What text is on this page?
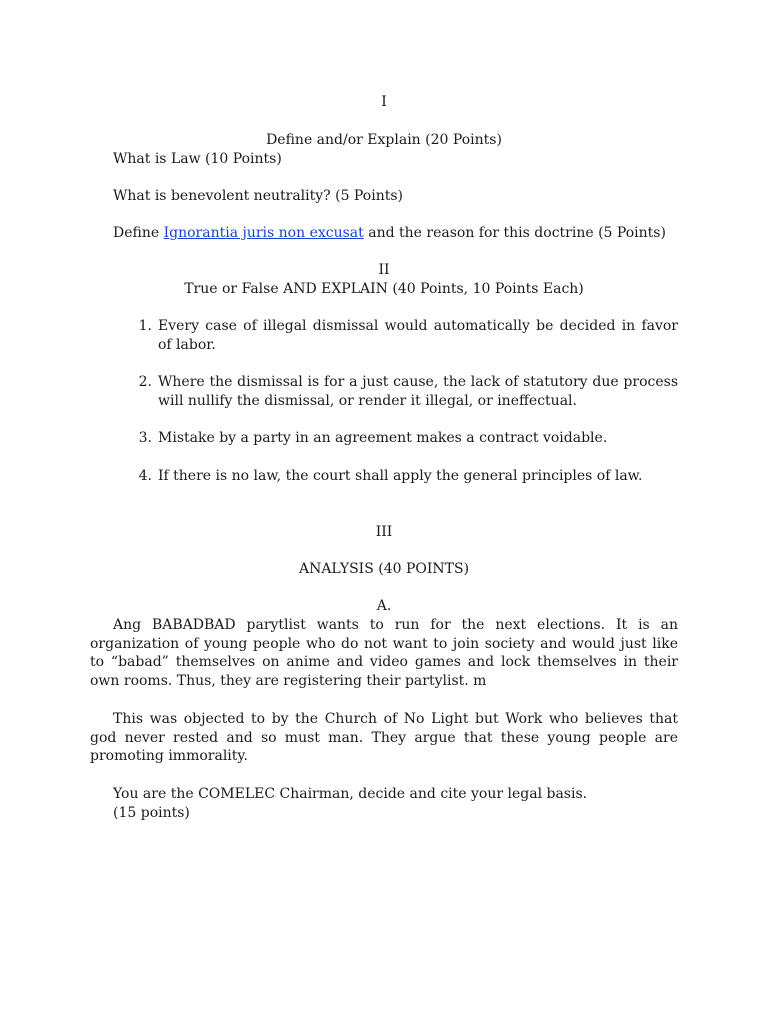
I
Define and/or Explain (20 Points)
What is Law (10 Points)
What is benevolent neutrality? (5 Points)
Define Ignorantia juris non excusat and the reason for this doctrine (5 Points)
II
True or False AND EXPLAIN (40 Points, 10 Points Each)
1. Every case of illegal dismissal would automatically be decided in favor of labor.
2. Where the dismissal is for a just cause, the lack of statutory due process will nullify the dismissal, or render it illegal, or ineffectual.
3. Mistake by a party in an agreement makes a contract voidable.
4. If there is no law, the court shall apply the general principles of law.
III
ANALYSIS (40 POINTS)
A.

Ang BABADBAD parytlist wants to run for the next elections. It is an organization of young people who do not want to join society and would just like to “babad” themselves on anime and video games and lock themselves in their own rooms. Thus, they are registering their partylist. m

This was objected to by the Church of No Light but Work who believes that god never rested and so must man. They argue that these young people are promoting immorality.

You are the COMELEC Chairman, decide and cite your legal basis.
(15 points)
